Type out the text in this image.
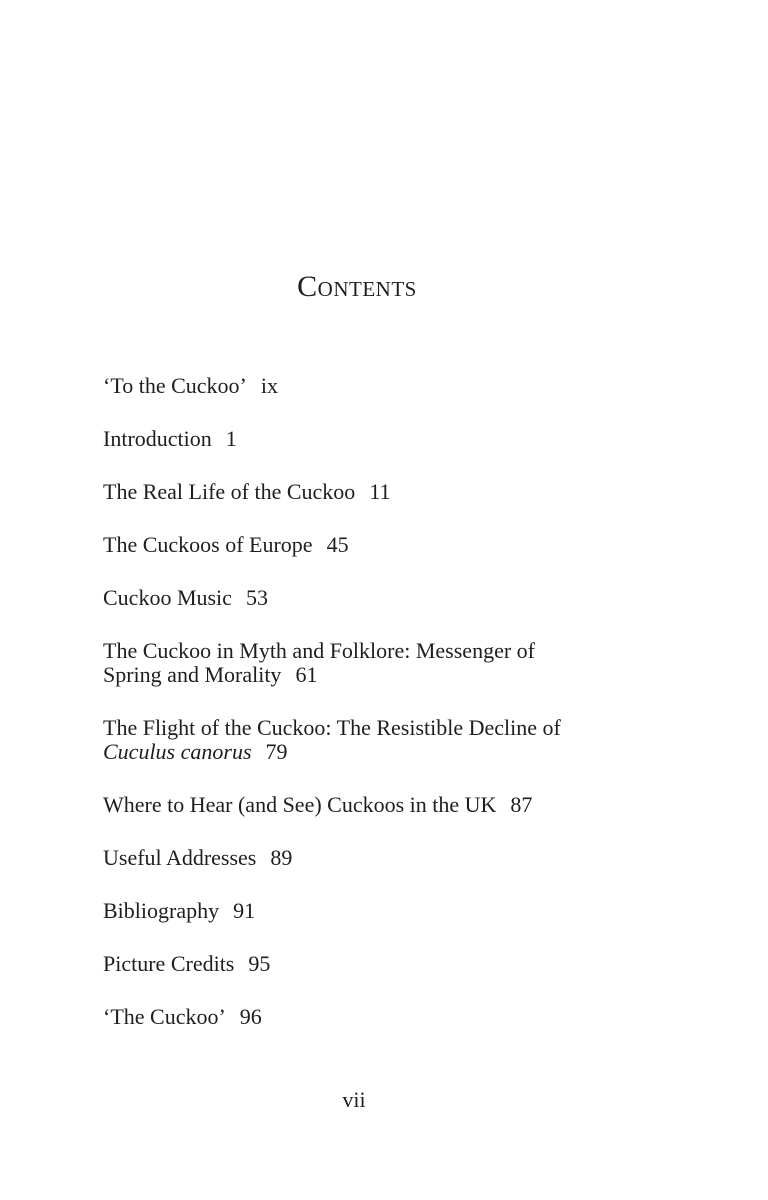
Contents
‘To the Cuckoo’ ix
Introduction 1
The Real Life of the Cuckoo 11
The Cuckoos of Europe 45
Cuckoo Music 53
The Cuckoo in Myth and Folklore: Messenger of
Spring and Morality 61
The Flight of the Cuckoo: The Resistible Decline of
Cuculus canorus 79
Where to Hear (and See) Cuckoos in the UK 87
Useful Addresses 89
Bibliography 91
Picture Credits 95
‘The Cuckoo’ 96
vii
